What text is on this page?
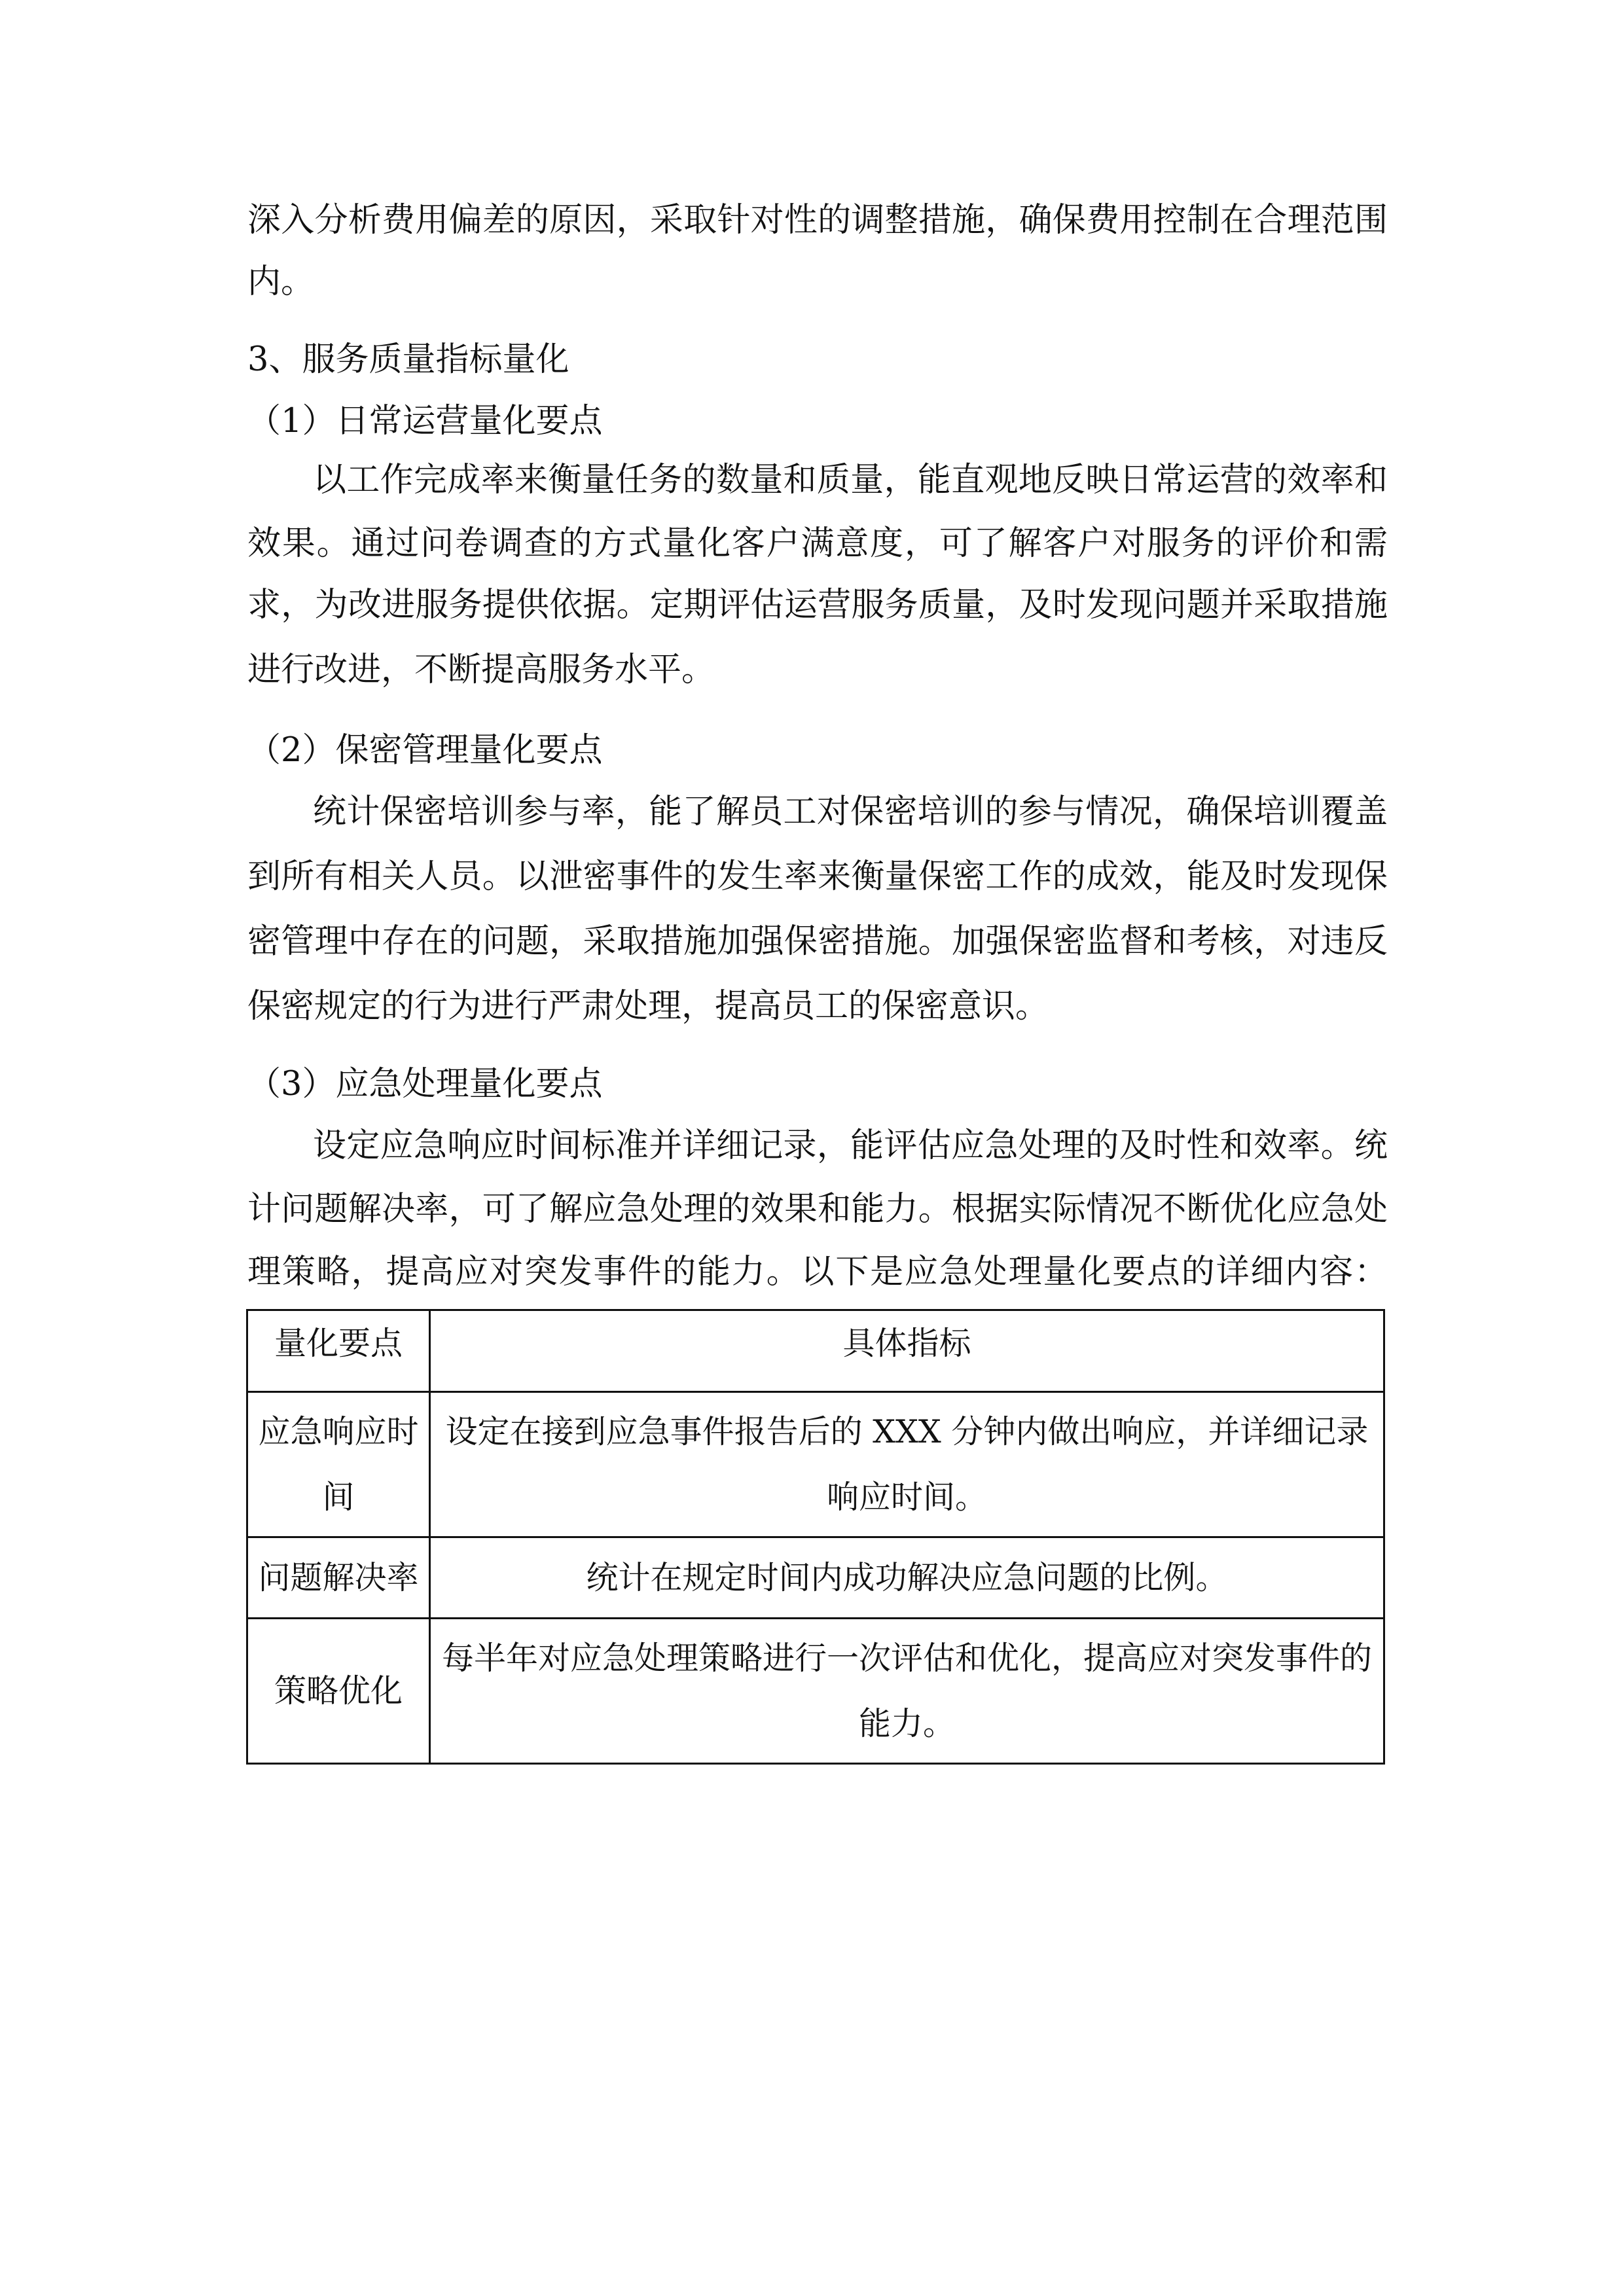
深入分析费用偏差的原因，采取针对性的调整措施，确保费用控制在合理范围
内。
3、服务质量指标量化
（1）日常运营量化要点
以工作完成率来衡量任务的数量和质量，能直观地反映日常运营的效率和
效果。通过问卷调查的方式量化客户满意度，可了解客户对服务的评价和需
求，为改进服务提供依据。定期评估运营服务质量，及时发现问题并采取措施
进行改进，不断提高服务水平。
（2）保密管理量化要点
统计保密培训参与率，能了解员工对保密培训的参与情况，确保培训覆盖
到所有相关人员。以泄密事件的发生率来衡量保密工作的成效，能及时发现保
密管理中存在的问题，采取措施加强保密措施。加强保密监督和考核，对违反
保密规定的行为进行严肃处理，提高员工的保密意识。
（3）应急处理量化要点
设定应急响应时间标准并详细记录，能评估应急处理的及时性和效率。统
计问题解决率，可了解应急处理的效果和能力。根据实际情况不断优化应急处
理策略，提高应对突发事件的能力。以下是应急处理量化要点的详细内容：
量化要点	具体指标
应急响应时间	设定在接到应急事件报告后的 XXX 分钟内做出响应，并详细记录响应时间。
问题解决率	统计在规定时间内成功解决应急问题的比例。
策略优化	每半年对应急处理策略进行一次评估和优化，提高应对突发事件的能力。
